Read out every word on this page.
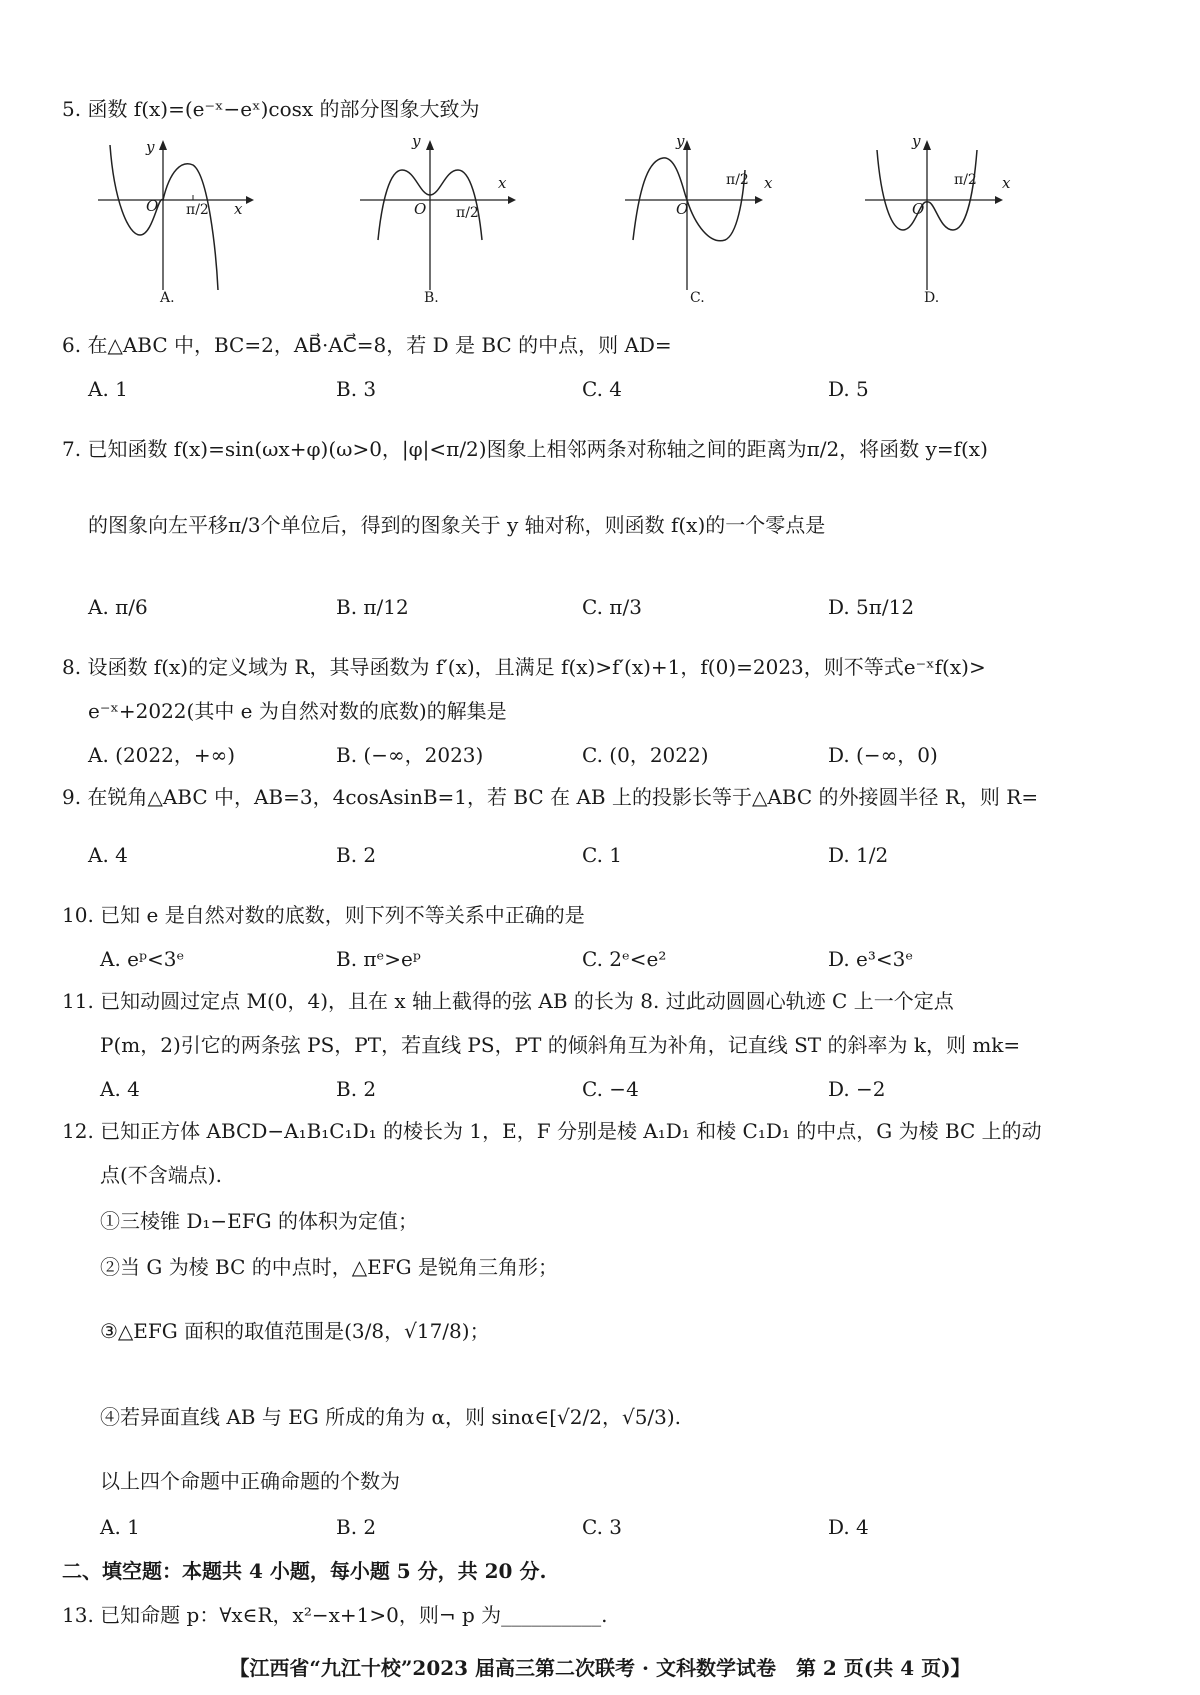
5. 函数 f(x)=(e⁻ˣ−eˣ)cosx 的部分图象大致为
y
O	x
π/2
A.
y
O
x
π/2
B.
y
O
x
π/2
C.
y
O
x
π/2
D.
6. 在△ABC 中，BC=2，AB⃗·AC⃗=8，若 D 是 BC 的中点，则 AD=
A. 1	B. 3	C. 4	D. 5
7. 已知函数 f(x)=sin(ωx+φ)(ω>0，|φ|<π/2)图象上相邻两条对称轴之间的距离为π/2，将函数 y=f(x)
的图象向左平移π/3个单位后，得到的图象关于 y 轴对称，则函数 f(x)的一个零点是
A. π/6	B. π/12	C. π/3	D. 5π/12
8. 设函数 f(x)的定义域为 R，其导函数为 f′(x)，且满足 f(x)>f′(x)+1，f(0)=2023，则不等式e⁻ˣf(x)>
e⁻ˣ+2022(其中 e 为自然对数的底数)的解集是
A. (2022，+∞)	B. (−∞，2023)	C. (0，2022)	D. (−∞，0)
9. 在锐角△ABC 中，AB=3，4cosAsinB=1，若 BC 在 AB 上的投影长等于△ABC 的外接圆半径 R，则 R=
A. 4	B. 2	C. 1	D. 1/2
10. 已知 e 是自然对数的底数，则下列不等关系中正确的是
A. eᵖ<3ᵉ	B. πᵉ>eᵖ	C. 2ᵉ<e²	D. e³<3ᵉ
11. 已知动圆过定点 M(0，4)，且在 x 轴上截得的弦 AB 的长为 8. 过此动圆圆心轨迹 C 上一个定点
P(m，2)引它的两条弦 PS，PT，若直线 PS，PT 的倾斜角互为补角，记直线 ST 的斜率为 k，则 mk=
A. 4	B. 2	C. −4	D. −2
12. 已知正方体 ABCD−A₁B₁C₁D₁ 的棱长为 1，E，F 分别是棱 A₁D₁ 和棱 C₁D₁ 的中点，G 为棱 BC 上的动
点(不含端点).
①三棱锥 D₁−EFG 的体积为定值；
②当 G 为棱 BC 的中点时，△EFG 是锐角三角形；
③△EFG 面积的取值范围是(3/8，√17/8)；
④若异面直线 AB 与 EG 所成的角为 α，则 sinα∈[√2/2，√5/3).
以上四个命题中正确命题的个数为
A. 1	B. 2	C. 3	D. 4
二、填空题：本题共 4 小题，每小题 5 分，共 20 分.
13. 已知命题 p：∀x∈R，x²−x+1>0，则¬ p 为__________.
【江西省“九江十校”2023 届高三第二次联考 · 文科数学试卷　第 2 页(共 4 页)】
